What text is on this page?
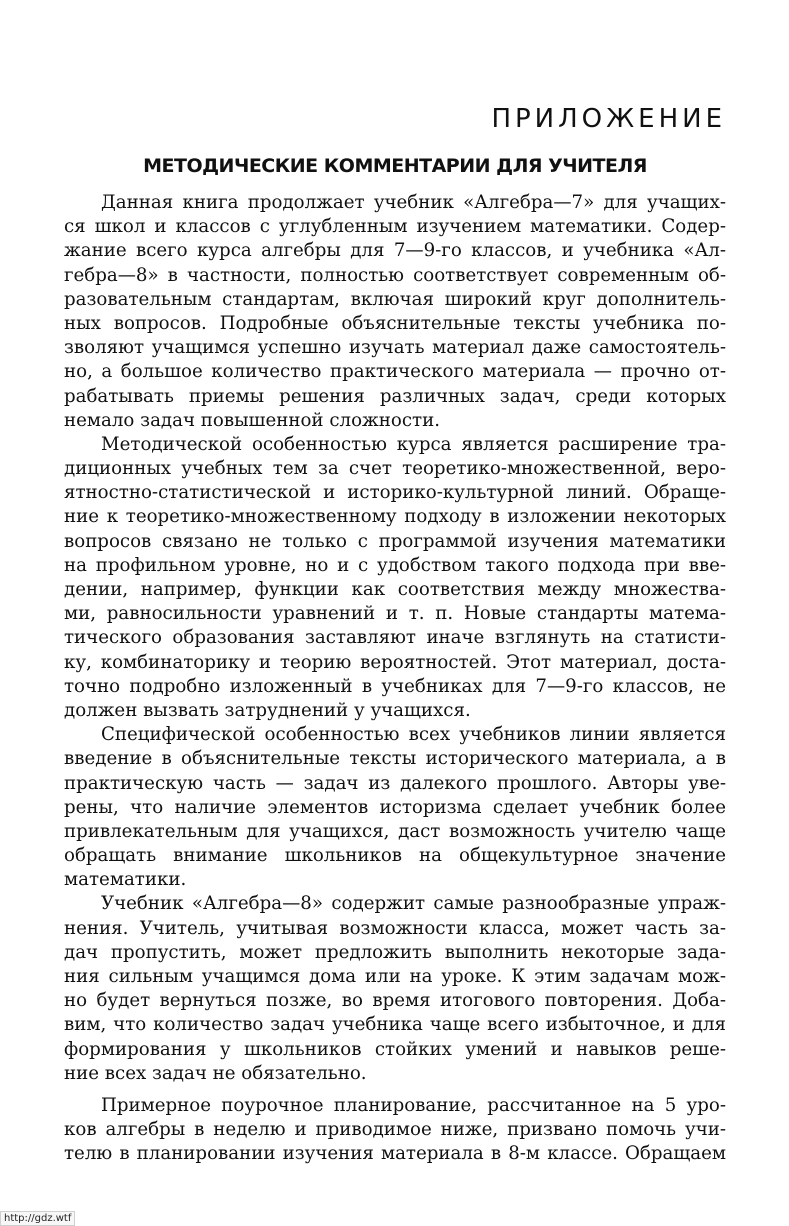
ПРИЛОЖЕНИЕ
МЕТОДИЧЕСКИЕ КОММЕНТАРИИ ДЛЯ УЧИТЕЛЯ
Данная книга продолжает учебник «Алгебра—7» для учащих-
ся школ и классов с углубленным изучением математики. Содер-
жание всего курса алгебры для 7—9-го классов, и учебника «Ал-
гебра—8» в частности, полностью соответствует современным об-
разовательным стандартам, включая широкий круг дополнитель-
ных вопросов. Подробные объяснительные тексты учебника по-
зволяют учащимся успешно изучать материал даже самостоятель-
но, а большое количество практического материала — прочно от-
рабатывать приемы решения различных задач, среди которых
немало задач повышенной сложности.
Методической особенностью курса является расширение тра-
диционных учебных тем за счет теоретико-множественной, веро-
ятностно-статистической и историко-культурной линий. Обраще-
ние к теоретико-множественному подходу в изложении некоторых
вопросов связано не только с программой изучения математики
на профильном уровне, но и с удобством такого подхода при вве-
дении, например, функции как соответствия между множества-
ми, равносильности уравнений и т. п. Новые стандарты матема-
тического образования заставляют иначе взглянуть на статисти-
ку, комбинаторику и теорию вероятностей. Этот материал, доста-
точно подробно изложенный в учебниках для 7—9-го классов, не
должен вызвать затруднений у учащихся.
Специфической особенностью всех учебников линии является
введение в объяснительные тексты исторического материала, а в
практическую часть — задач из далекого прошлого. Авторы уве-
рены, что наличие элементов историзма сделает учебник более
привлекательным для учащихся, даст возможность учителю чаще
обращать внимание школьников на общекультурное значение
математики.
Учебник «Алгебра—8» содержит самые разнообразные упраж-
нения. Учитель, учитывая возможности класса, может часть за-
дач пропустить, может предложить выполнить некоторые зада-
ния сильным учащимся дома или на уроке. К этим задачам мож-
но будет вернуться позже, во время итогового повторения. Доба-
вим, что количество задач учебника чаще всего избыточное, и для
формирования у школьников стойких умений и навыков реше-
ние всех задач не обязательно.
Примерное поурочное планирование, рассчитанное на 5 уро-
ков алгебры в неделю и приводимое ниже, призвано помочь учи-
телю в планировании изучения материала в 8-м классе. Обращаем
http://gdz.wtf
